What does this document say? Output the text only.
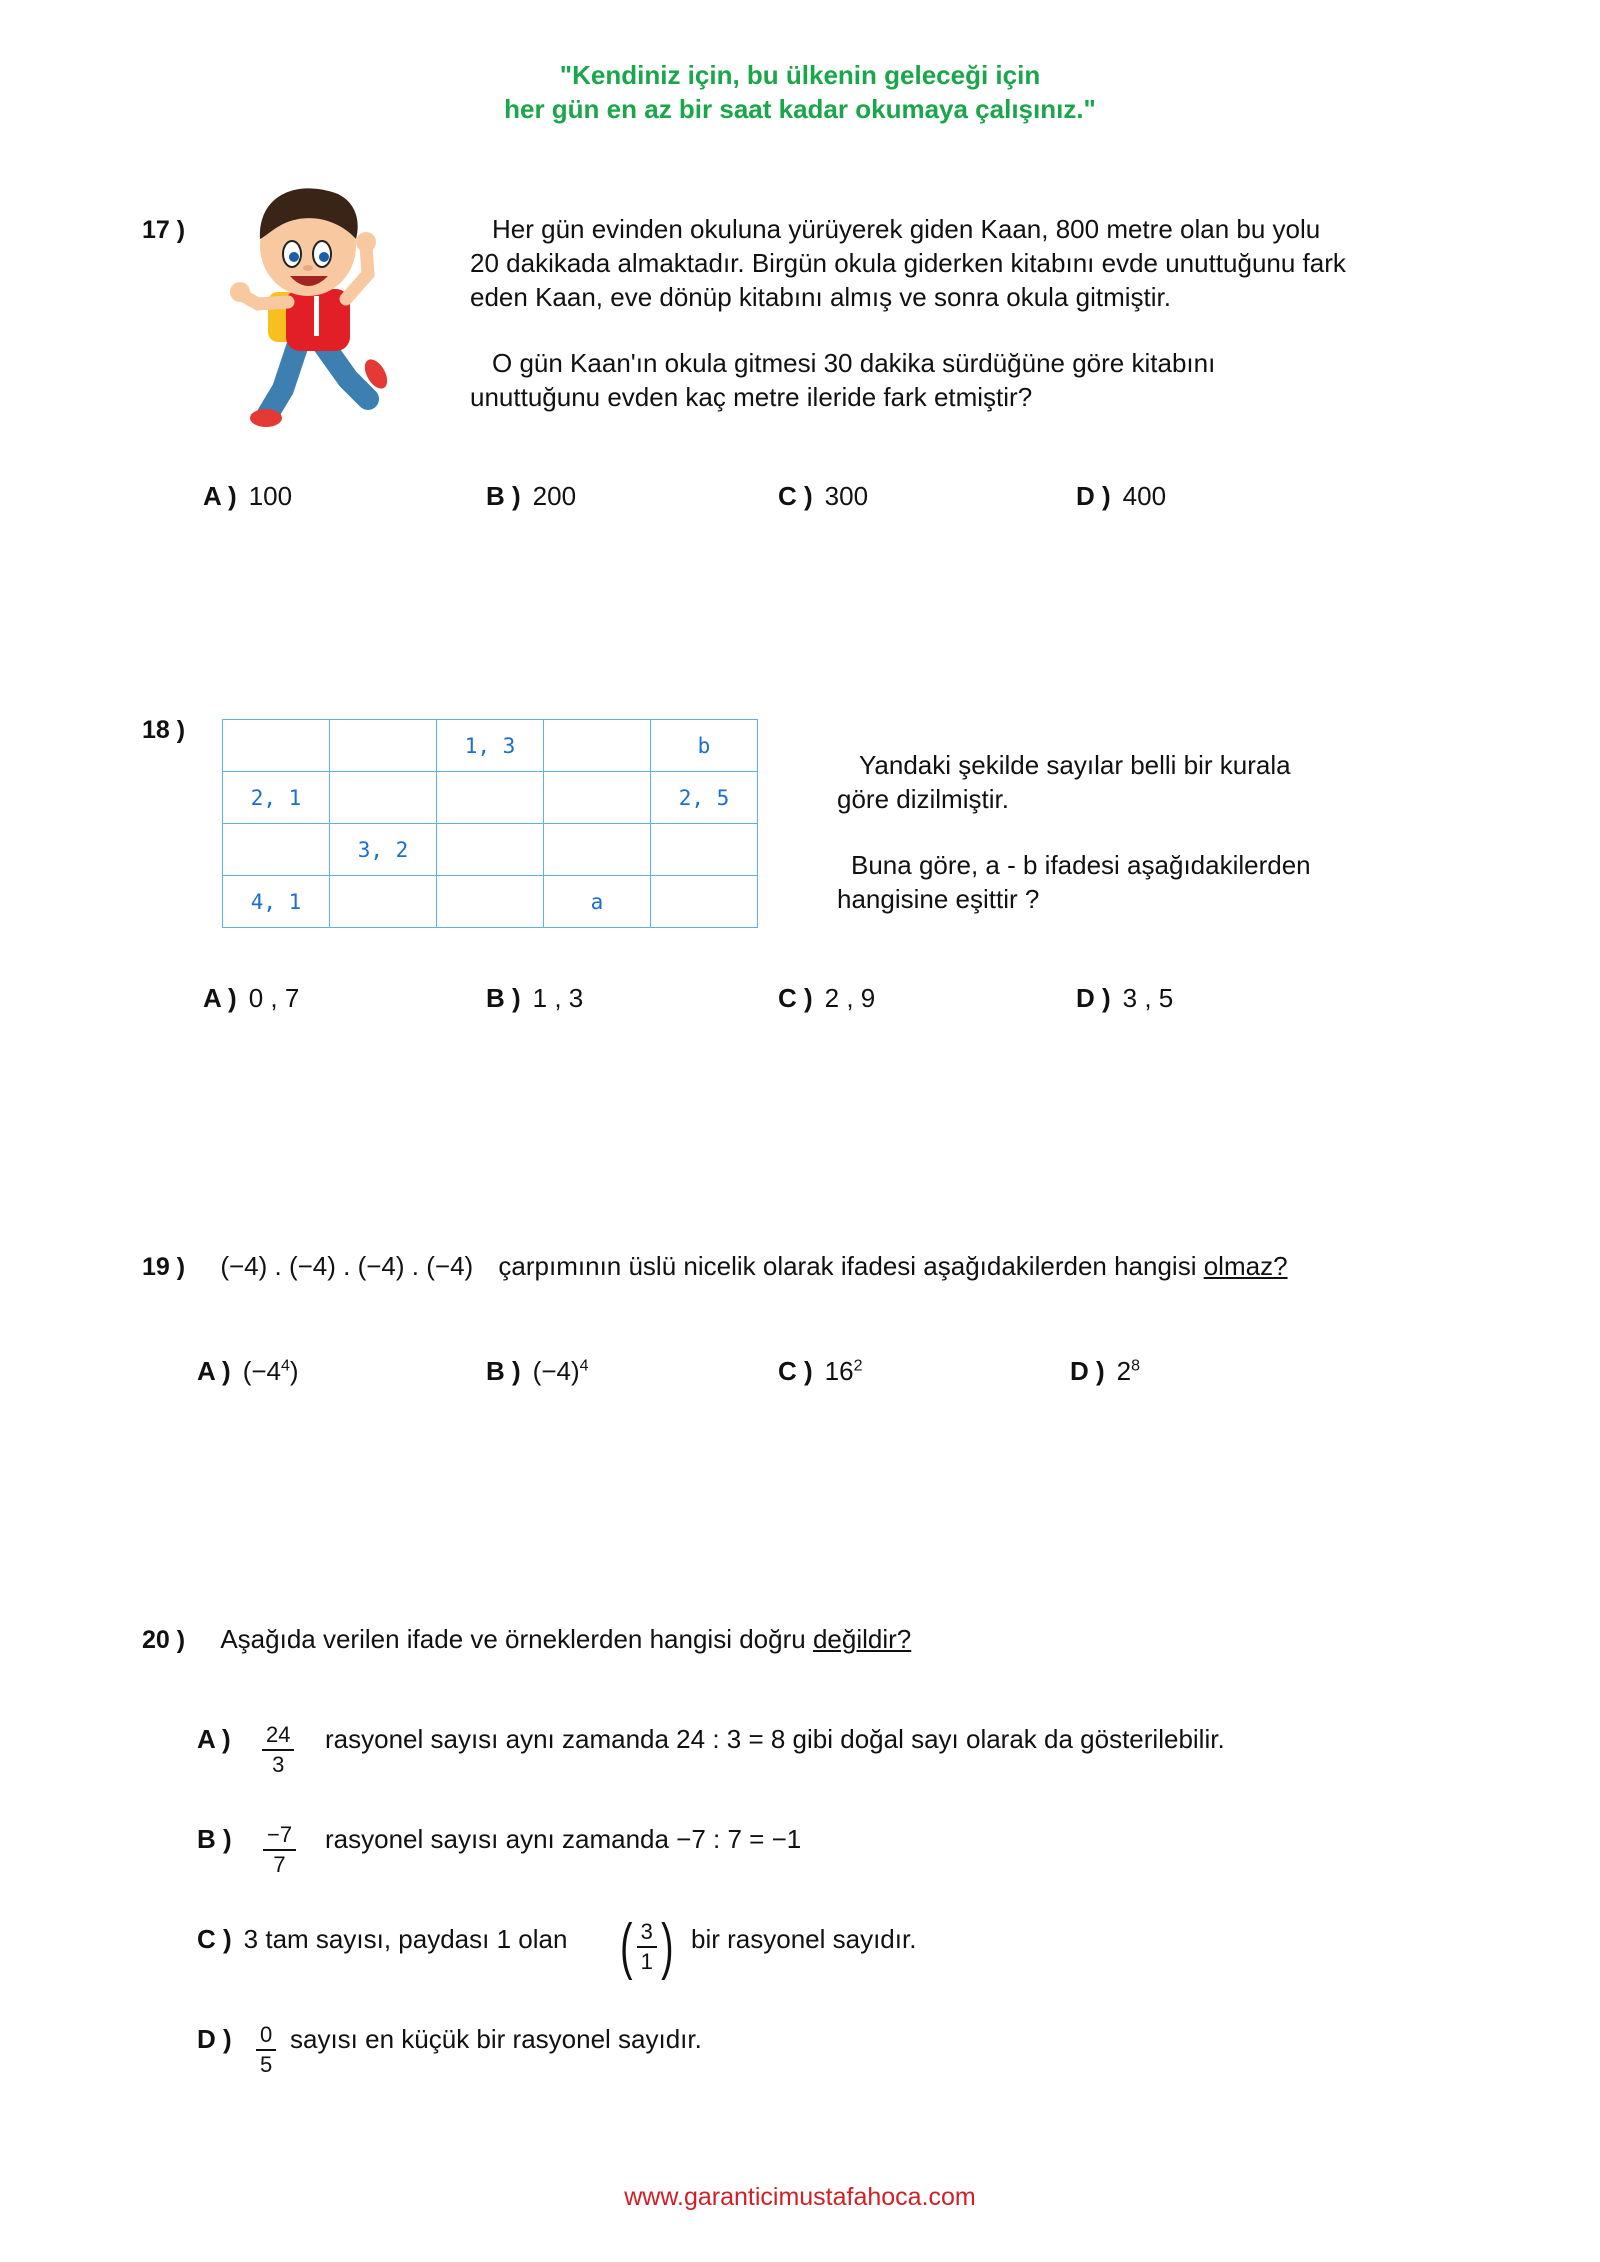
"Kendiniz için, bu ülkenin geleceği için
her gün en az bir saat kadar okumaya çalışınız."
17 )	Her gün evinden okuluna yürüyerek giden Kaan, 800 metre olan bu yolu
20 dakikada almaktadır. Birgün okula giderken kitabını evde unuttuğunu fark
eden Kaan, eve dönüp kitabını almış ve sonra okula gitmiştir.
O gün Kaan'ın okula gitmesi 30 dakika sürdüğüne göre kitabını
unuttuğunu evden kaç metre ileride fark etmiştir?
A ) 100	B ) 200	C ) 300	D ) 400
18 )
		1, 3		b
2, 1				2, 5
	3, 2			
4, 1			a	
Yandaki şekilde sayılar belli bir kurala
göre dizilmiştir.
Buna göre, a - b ifadesi aşağıdakilerden
hangisine eşittir ?
A ) 0 , 7	B ) 1 , 3	C ) 2 , 9	D ) 3 , 5
19 ) (−4) . (−4) . (−4) . (−4) çarpımının üslü nicelik olarak ifadesi aşağıdakilerden hangisi olmaz?
A ) $(-4^4)$	B ) $(-4)^4$	C ) $16^2$	D ) $2^8$
20 ) Aşağıda verilen ifade ve örneklerden hangisi doğru değildir?
A )	$\frac{24}{3}$ rasyonel sayısı aynı zamanda 24 : 3 = 8 gibi doğal sayı olarak da gösterilebilir.
B )	$\frac{-7}{7}$ rasyonel sayısı aynı zamanda −7 : 7 = −1
C ) 3 tam sayısı, paydası 1 olan ( $\frac{3}{1}$ ) bir rasyonel sayıdır.
D )	$\frac{0}{5}$ sayısı en küçük bir rasyonel sayıdır.
www.garanticimustafahoca.com
